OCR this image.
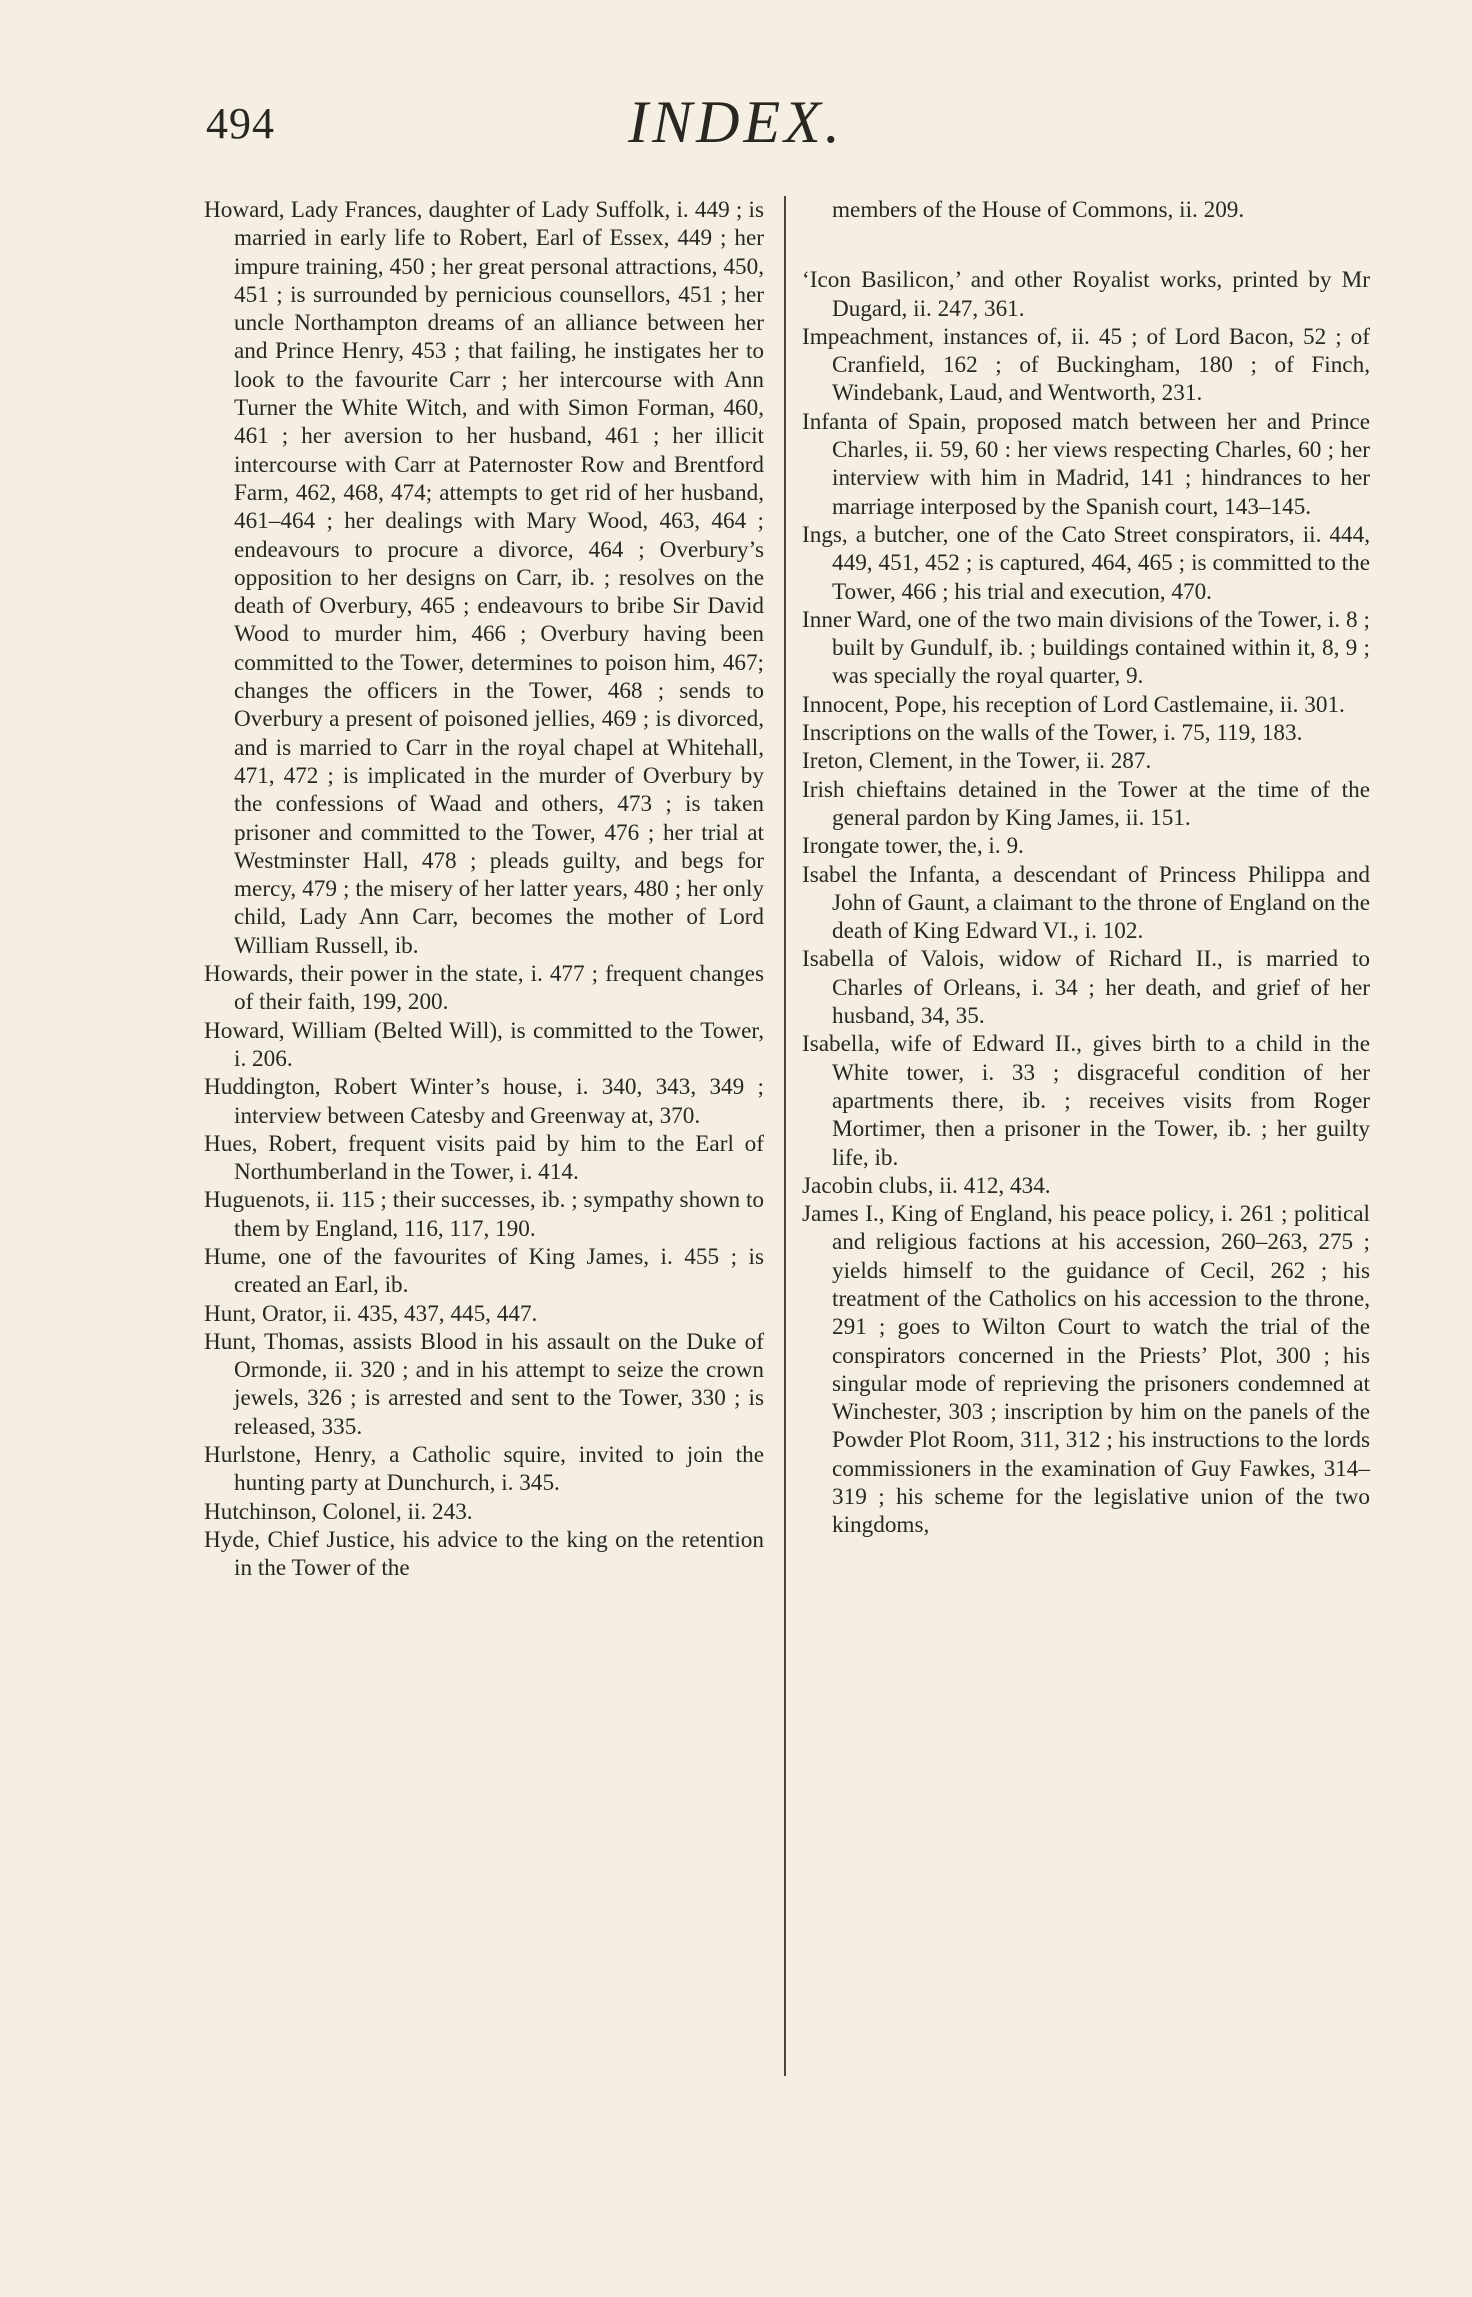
494	INDEX.

Howard, Lady Frances, daughter of Lady Suffolk, i. 449 ; is married in early life to Robert, Earl of Essex, 449 ; her impure training, 450 ; her great personal attractions, 450, 451 ; is surrounded by pernicious counsellors, 451 ; her uncle Northampton dreams of an alliance between her and Prince Henry, 453 ; that failing, he instigates her to look to the favourite Carr ; her intercourse with Ann Turner the White Witch, and with Simon Forman, 460, 461 ; her aversion to her husband, 461 ; her illicit intercourse with Carr at Paternoster Row and Brentford Farm, 462, 468, 474; attempts to get rid of her husband, 461–464 ; her dealings with Mary Wood, 463, 464 ; endeavours to procure a divorce, 464 ; Overbury’s opposition to her designs on Carr, ib. ; resolves on the death of Overbury, 465 ; endeavours to bribe Sir David Wood to murder him, 466 ; Overbury having been committed to the Tower, determines to poison him, 467; changes the officers in the Tower, 468 ; sends to Overbury a present of poisoned jellies, 469 ; is divorced, and is married to Carr in the royal chapel at Whitehall, 471, 472 ; is implicated in the murder of Overbury by the confessions of Waad and others, 473 ; is taken prisoner and committed to the Tower, 476 ; her trial at Westminster Hall, 478 ; pleads guilty, and begs for mercy, 479 ; the misery of her latter years, 480 ; her only child, Lady Ann Carr, becomes the mother of Lord William Russell, ib.

Howards, their power in the state, i. 477 ; frequent changes of their faith, 199, 200.

Howard, William (Belted Will), is committed to the Tower, i. 206.

Huddington, Robert Winter’s house, i. 340, 343, 349 ; interview between Catesby and Greenway at, 370.

Hues, Robert, frequent visits paid by him to the Earl of Northumberland in the Tower, i. 414.

Huguenots, ii. 115 ; their successes, ib. ; sympathy shown to them by England, 116, 117, 190.

Hume, one of the favourites of King James, i. 455 ; is created an Earl, ib.

Hunt, Orator, ii. 435, 437, 445, 447.

Hunt, Thomas, assists Blood in his assault on the Duke of Ormonde, ii. 320 ; and in his attempt to seize the crown jewels, 326 ; is arrested and sent to the Tower, 330 ; is released, 335.

Hurlstone, Henry, a Catholic squire, invited to join the hunting party at Dunchurch, i. 345.

Hutchinson, Colonel, ii. 243.

Hyde, Chief Justice, his advice to the king on the retention in the Tower of the

members of the House of Commons, ii. 209.

‘Icon Basilicon,’ and other Royalist works, printed by Mr Dugard, ii. 247, 361.

Impeachment, instances of, ii. 45 ; of Lord Bacon, 52 ; of Cranfield, 162 ; of Buckingham, 180 ; of Finch, Windebank, Laud, and Wentworth, 231.

Infanta of Spain, proposed match between her and Prince Charles, ii. 59, 60 : her views respecting Charles, 60 ; her interview with him in Madrid, 141 ; hindrances to her marriage interposed by the Spanish court, 143–145.

Ings, a butcher, one of the Cato Street conspirators, ii. 444, 449, 451, 452 ; is captured, 464, 465 ; is committed to the Tower, 466 ; his trial and execution, 470.

Inner Ward, one of the two main divisions of the Tower, i. 8 ; built by Gundulf, ib. ; buildings contained within it, 8, 9 ; was specially the royal quarter, 9.

Innocent, Pope, his reception of Lord Castlemaine, ii. 301.

Inscriptions on the walls of the Tower, i. 75, 119, 183.

Ireton, Clement, in the Tower, ii. 287.

Irish chieftains detained in the Tower at the time of the general pardon by King James, ii. 151.

Irongate tower, the, i. 9.

Isabel the Infanta, a descendant of Princess Philippa and John of Gaunt, a claimant to the throne of England on the death of King Edward VI., i. 102.

Isabella of Valois, widow of Richard II., is married to Charles of Orleans, i. 34 ; her death, and grief of her husband, 34, 35.

Isabella, wife of Edward II., gives birth to a child in the White tower, i. 33 ; disgraceful condition of her apartments there, ib. ; receives visits from Roger Mortimer, then a prisoner in the Tower, ib. ; her guilty life, ib.

Jacobin clubs, ii. 412, 434.

James I., King of England, his peace policy, i. 261 ; political and religious factions at his accession, 260–263, 275 ; yields himself to the guidance of Cecil, 262 ; his treatment of the Catholics on his accession to the throne, 291 ; goes to Wilton Court to watch the trial of the conspirators concerned in the Priests’ Plot, 300 ; his singular mode of reprieving the prisoners condemned at Winchester, 303 ; inscription by him on the panels of the Powder Plot Room, 311, 312 ; his instructions to the lords commissioners in the examination of Guy Fawkes, 314–319 ; his scheme for the legislative union of the two kingdoms,
